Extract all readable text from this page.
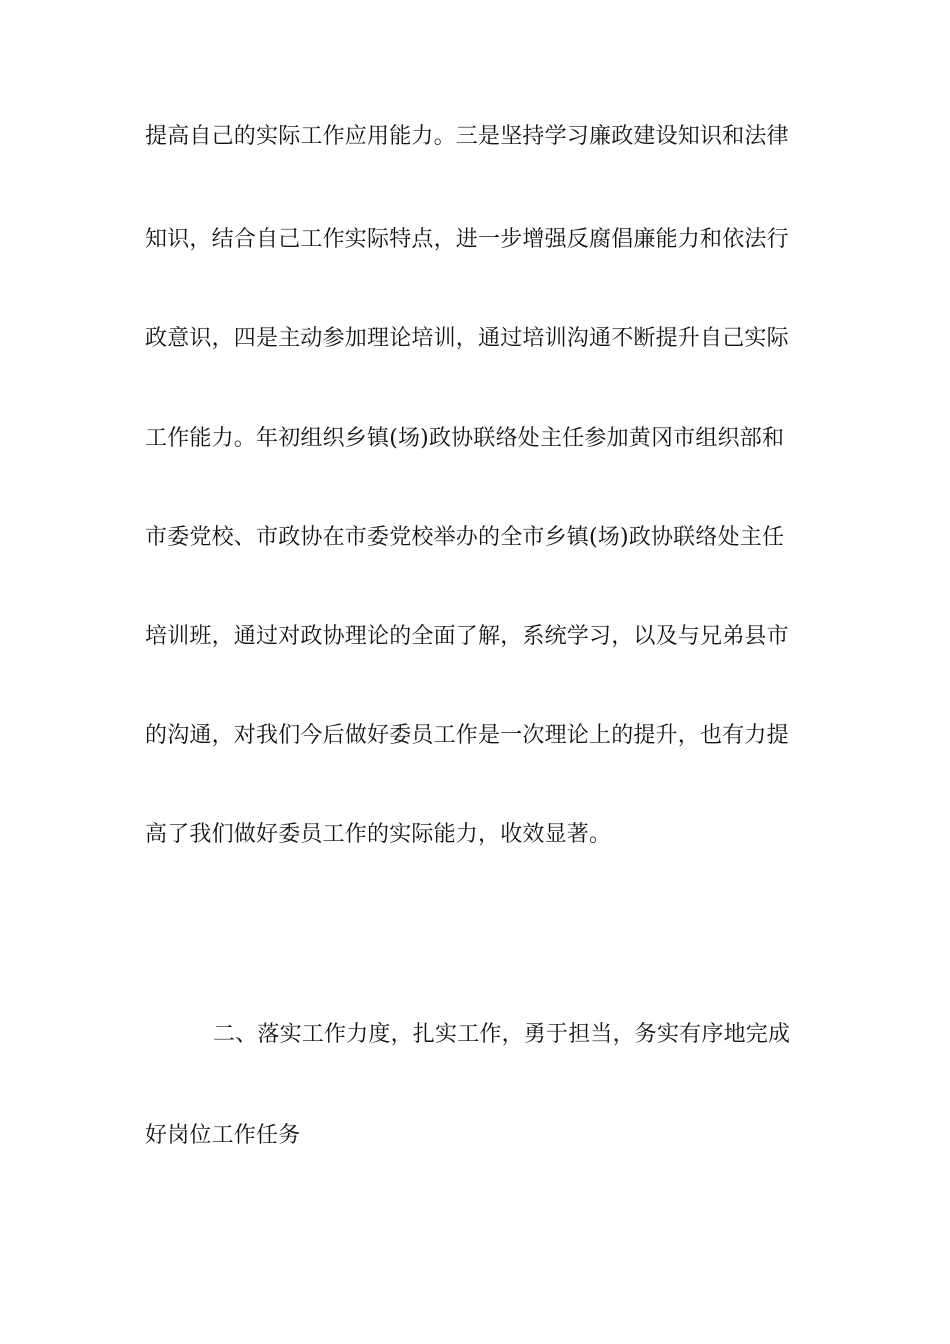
提高自己的实际工作应用能力。三是坚持学习廉政建设知识和法律
知识，结合自己工作实际特点，进一步增强反腐倡廉能力和依法行
政意识，四是主动参加理论培训，通过培训沟通不断提升自己实际
工作能力。年初组织乡镇(场)政协联络处主任参加黄冈市组织部和
市委党校、市政协在市委党校举办的全市乡镇(场)政协联络处主任
培训班，通过对政协理论的全面了解，系统学习，以及与兄弟县市
的沟通，对我们今后做好委员工作是一次理论上的提升，也有力提
高了我们做好委员工作的实际能力，收效显著。
二、落实工作力度，扎实工作，勇于担当，务实有序地完成
好岗位工作任务
